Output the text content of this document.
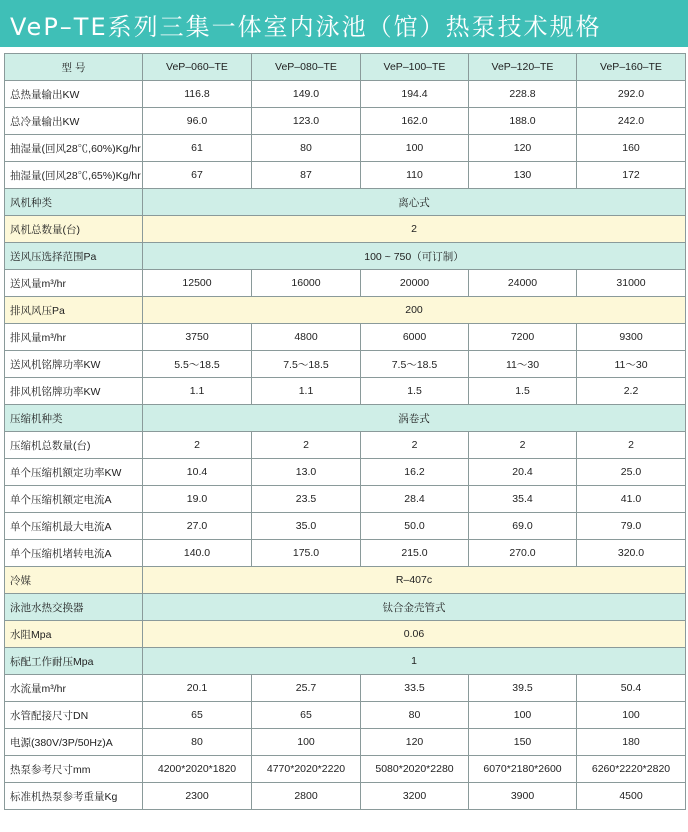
VeP–TE系列三集一体室内泳池（馆）热泵技术规格
型 号	VeP–060–TE	VeP–080–TE	VeP–100–TE	VeP–120–TE	VeP–160–TE
总热量输出KW	116.8	149.0	194.4	228.8	292.0
总冷量输出KW	96.0	123.0	162.0	188.0	242.0
抽湿量(回风28℃,60%)Kg/hr	61	80	100	120	160
抽湿量(回风28℃,65%)Kg/hr	67	87	110	130	172
风机种类	离心式				
风机总数量(台)	2				
送风压选择范围Pa	100 ~ 750（可订制）				
送风量m³/hr	12500	16000	20000	24000	31000
排风风压Pa	200				
排风量m³/hr	3750	4800	6000	7200	9300
送风机铭牌功率KW	5.5～18.5	7.5～18.5	7.5～18.5	11～30	11～30
排风机铭牌功率KW	1.1	1.1	1.5	1.5	2.2
压缩机种类	涡卷式				
压缩机总数量(台)	2	2	2	2	2
单个压缩机额定功率KW	10.4	13.0	16.2	20.4	25.0
单个压缩机额定电流A	19.0	23.5	28.4	35.4	41.0
单个压缩机最大电流A	27.0	35.0	50.0	69.0	79.0
单个压缩机堵转电流A	140.0	175.0	215.0	270.0	320.0
冷媒	R–407c				
泳池水热交换器	钛合金壳管式				
水阻Mpa	0.06				
标配工作耐压Mpa	1				
水流量m³/hr	20.1	25.7	33.5	39.5	50.4
水管配接尺寸DN	65	65	80	100	100
电源(380V/3P/50Hz)A	80	100	120	150	180
热泵参考尺寸mm	4200*2020*1820	4770*2020*2220	5080*2020*2280	6070*2180*2600	6260*2220*2820
标准机热泵参考重量Kg	2300	2800	3200	3900	4500
